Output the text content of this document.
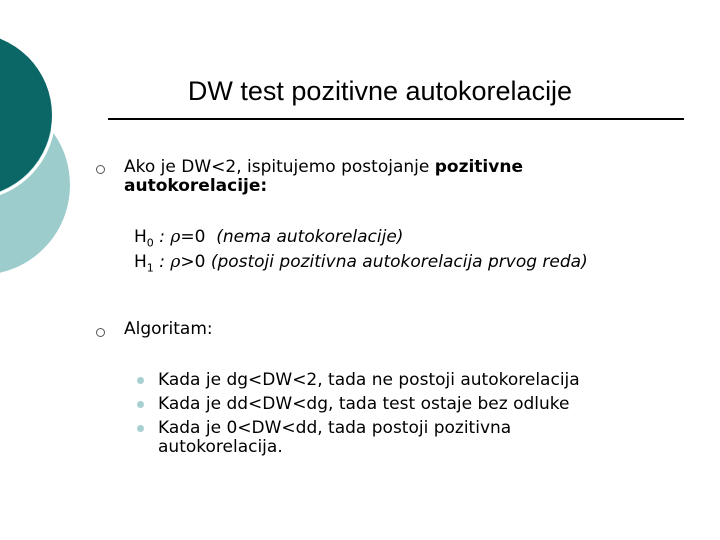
DW test pozitivne autokorelacije
Ako je DW<2, ispitujemo postojanje pozitivne
autokorelacije:
$H_0$ : ρ=0 (nema autokorelacije)
$H_1$ : ρ>0 (postoji pozitivna autokorelacija prvog reda)
Algoritam:
Kada je dg<DW<2, tada ne postoji autokorelacija
Kada je dd<DW<dg, tada test ostaje bez odluke
Kada je 0<DW<dd, tada postoji pozitivna
autokorelacija.
